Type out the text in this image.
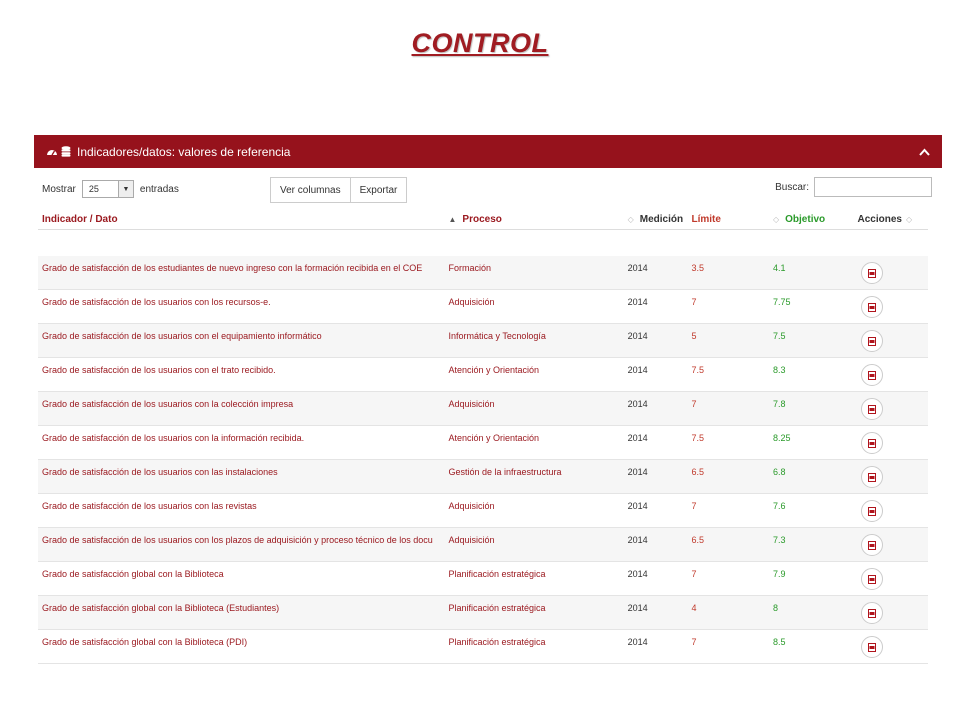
CONTROL
Indicadores/datos: valores de referencia
Mostrar 25	▼	entradas	Ver columnas	Exportar	Buscar:
Indicador / Dato	▲ Proceso	◇ Medición	Límite	◇ Objetivo	Acciones ◇

Grado de satisfacción de los estudiantes de nuevo ingreso con la formación recibida en el COE	Formación	2014	3.5	4.1	

Grado de satisfacción de los usuarios con los recursos-e.	Adquisición	2014	7	7.75	

Grado de satisfacción de los usuarios con el equipamiento informático	Informática y Tecnología	2014	5	7.5	

Grado de satisfacción de los usuarios con el trato recibido.	Atención y Orientación	2014	7.5	8.3	

Grado de satisfacción de los usuarios con la colección impresa	Adquisición	2014	7	7.8	

Grado de satisfacción de los usuarios con la información recibida.	Atención y Orientación	2014	7.5	8.25	

Grado de satisfacción de los usuarios con las instalaciones	Gestión de la infraestructura	2014	6.5	6.8	

Grado de satisfacción de los usuarios con las revistas	Adquisición	2014	7	7.6	

Grado de satisfacción de los usuarios con los plazos de adquisición y proceso técnico de los docu	Adquisición	2014	6.5	7.3	

Grado de satisfacción global con la Biblioteca	Planificación estratégica	2014	7	7.9	

Grado de satisfacción global con la Biblioteca (Estudiantes)	Planificación estratégica	2014	4	8	

Grado de satisfacción global con la Biblioteca (PDI)	Planificación estratégica	2014	7	8.5	
